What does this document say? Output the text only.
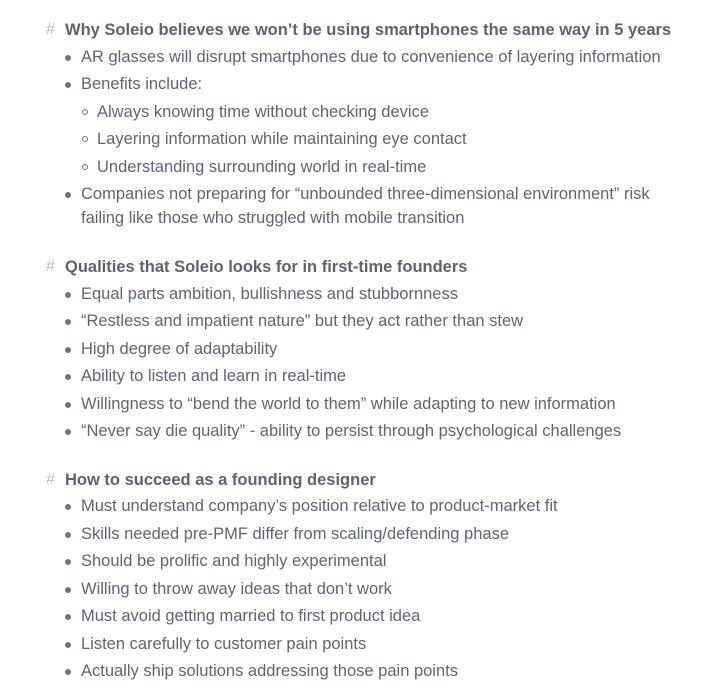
# Why Soleio believes we won’t be using smartphones the same way in 5 years
AR glasses will disrupt smartphones due to convenience of layering information
Benefits include:
Always knowing time without checking device
Layering information while maintaining eye contact
Understanding surrounding world in real-time
Companies not preparing for “unbounded three-dimensional environment” risk
failing like those who struggled with mobile transition
# Qualities that Soleio looks for in first-time founders
Equal parts ambition, bullishness and stubbornness
“Restless and impatient nature” but they act rather than stew
High degree of adaptability
Ability to listen and learn in real-time
Willingness to “bend the world to them” while adapting to new information
“Never say die quality” - ability to persist through psychological challenges
# How to succeed as a founding designer
Must understand company’s position relative to product-market fit
Skills needed pre-PMF differ from scaling/defending phase
Should be prolific and highly experimental
Willing to throw away ideas that don’t work
Must avoid getting married to first product idea
Listen carefully to customer pain points
Actually ship solutions addressing those pain points
